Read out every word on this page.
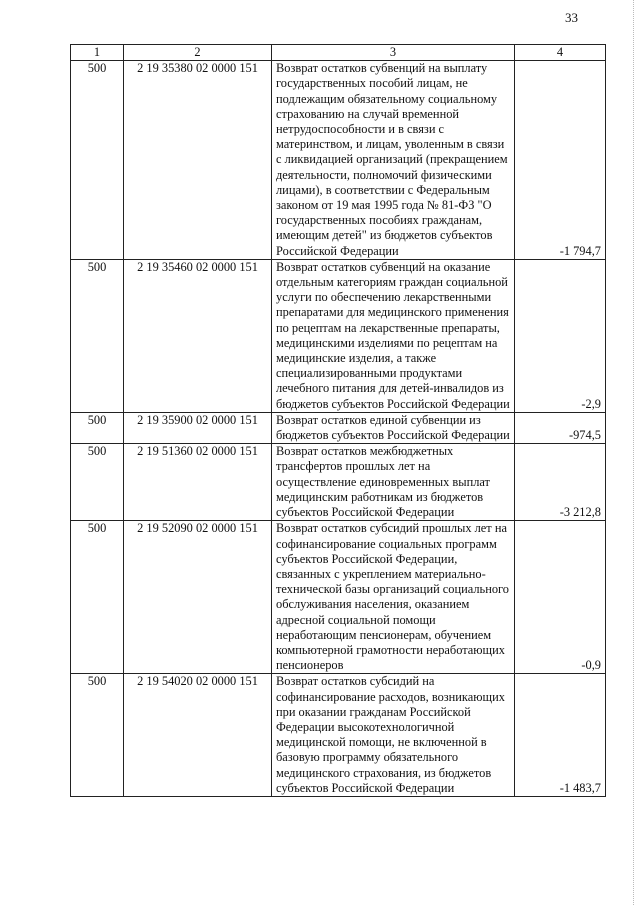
33
1	2	3	4
500	2 19 35380 02 0000 151	Возврат остатков субвенций на выплату государственных пособий лицам, не подлежащим обязательному социальному страхованию на случай временной нетрудоспособности и в связи с материнством, и лицам, уволенным в связи с ликвидацией организаций (прекращением деятельности, полномочий физическими лицами), в соответствии с Федеральным законом от 19 мая 1995 года № 81-ФЗ "О государственных пособиях гражданам, имеющим детей" из бюджетов субъектов Российской Федерации	-1 794,7
500	2 19 35460 02 0000 151	Возврат остатков субвенций на оказание отдельным категориям граждан социальной услуги по обеспечению лекарственными препаратами для медицинского применения по рецептам на лекарственные препараты, медицинскими изделиями по рецептам на медицинские изделия, а также специализированными продуктами лечебного питания для детей-инвалидов из бюджетов субъектов Российской Федерации	-2,9
500	2 19 35900 02 0000 151	Возврат остатков единой субвенции из бюджетов субъектов Российской Федерации	-974,5
500	2 19 51360 02 0000 151	Возврат остатков межбюджетных трансфертов прошлых лет на осуществление единовременных выплат медицинским работникам из бюджетов субъектов Российской Федерации	-3 212,8
500	2 19 52090 02 0000 151	Возврат остатков субсидий прошлых лет на софинансирование социальных программ субъектов Российской Федерации, связанных с укреплением материально-технической базы организаций социального обслуживания населения, оказанием адресной социальной помощи неработающим пенсионерам, обучением компьютерной грамотности неработающих пенсионеров	-0,9
500	2 19 54020 02 0000 151	Возврат остатков субсидий на софинансирование расходов, возникающих при оказании гражданам Российской Федерации высокотехнологичной медицинской помощи, не включенной в базовую программу обязательного медицинского страхования, из бюджетов субъектов Российской Федерации	-1 483,7
